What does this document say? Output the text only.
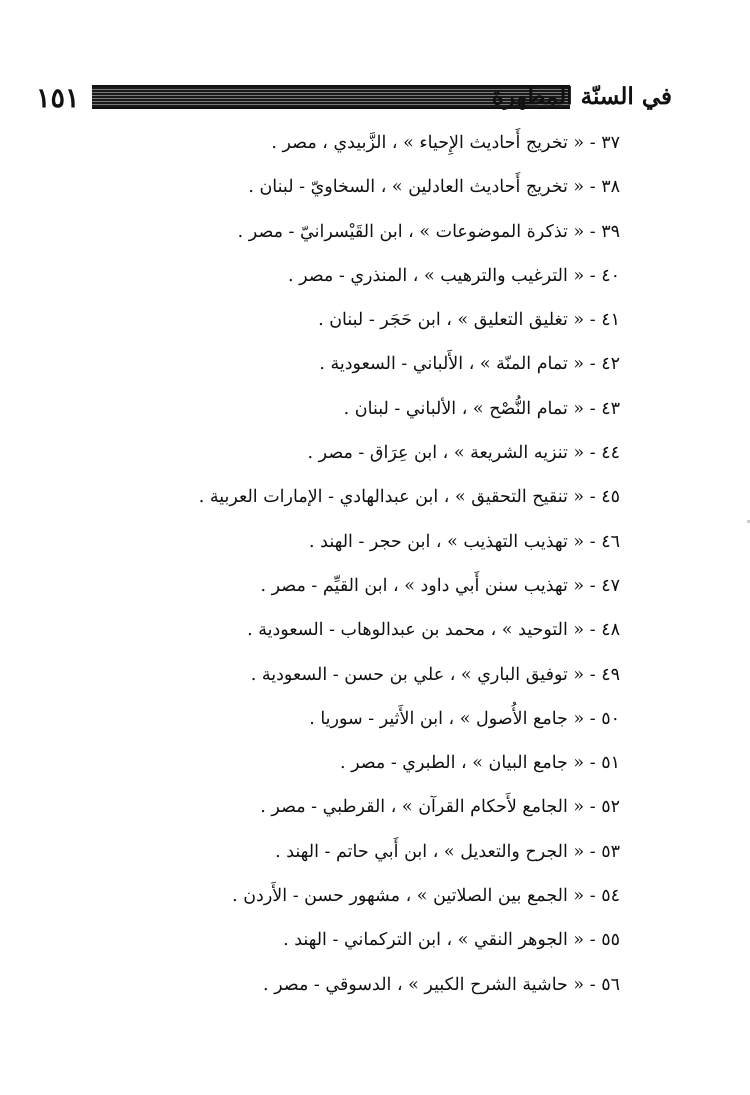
١٥١	في السنّة المطهرة
٣٧ - « تخريج أَحاديث الإِحياء » ، الزَّبيدي ، مصر .
٣٨ - « تخريج أَحاديث العادلين » ، السخاويّ - لبنان .
٣٩ - « تذكرة الموضوعات » ، ابن القَيْسرانيّ - مصر .
٤٠ - « الترغيب والترهيب » ، المنذري - مصر .
٤١ - « تغليق التعليق » ، ابن حَجَر - لبنان .
٤٢ - « تمام المنّة » ، الأَلباني - السعودية .
٤٣ - « تمام النُّصْح » ، الألباني - لبنان .
٤٤ - « تنزيه الشريعة » ، ابن عِرَاق - مصر .
٤٥ - « تنقيح التحقيق » ، ابن عبدالهادي - الإمارات العربية .
٤٦ - « تهذيب التهذيب » ، ابن حجر - الهند .
٤٧ - « تهذيب سنن أَبي داود » ، ابن القيِّم - مصر .
٤٨ - « التوحيد » ، محمد بن عبدالوهاب - السعودية .
٤٩ - « توفيق الباري » ، علي بن حسن - السعودية .
٥٠ - « جامع الأُصول » ، ابن الأَثير - سوريا .
٥١ - « جامع البيان » ، الطبري - مصر .
٥٢ - « الجامع لأَحكام القرآن » ، القرطبي - مصر .
٥٣ - « الجرح والتعديل » ، ابن أَبي حاتم - الهند .
٥٤ - « الجمع بين الصلاتين » ، مشهور حسن - الأَردن .
٥٥ - « الجوهر النقي » ، ابن التركماني - الهند .
٥٦ - « حاشية الشرح الكبير » ، الدسوقي - مصر .
